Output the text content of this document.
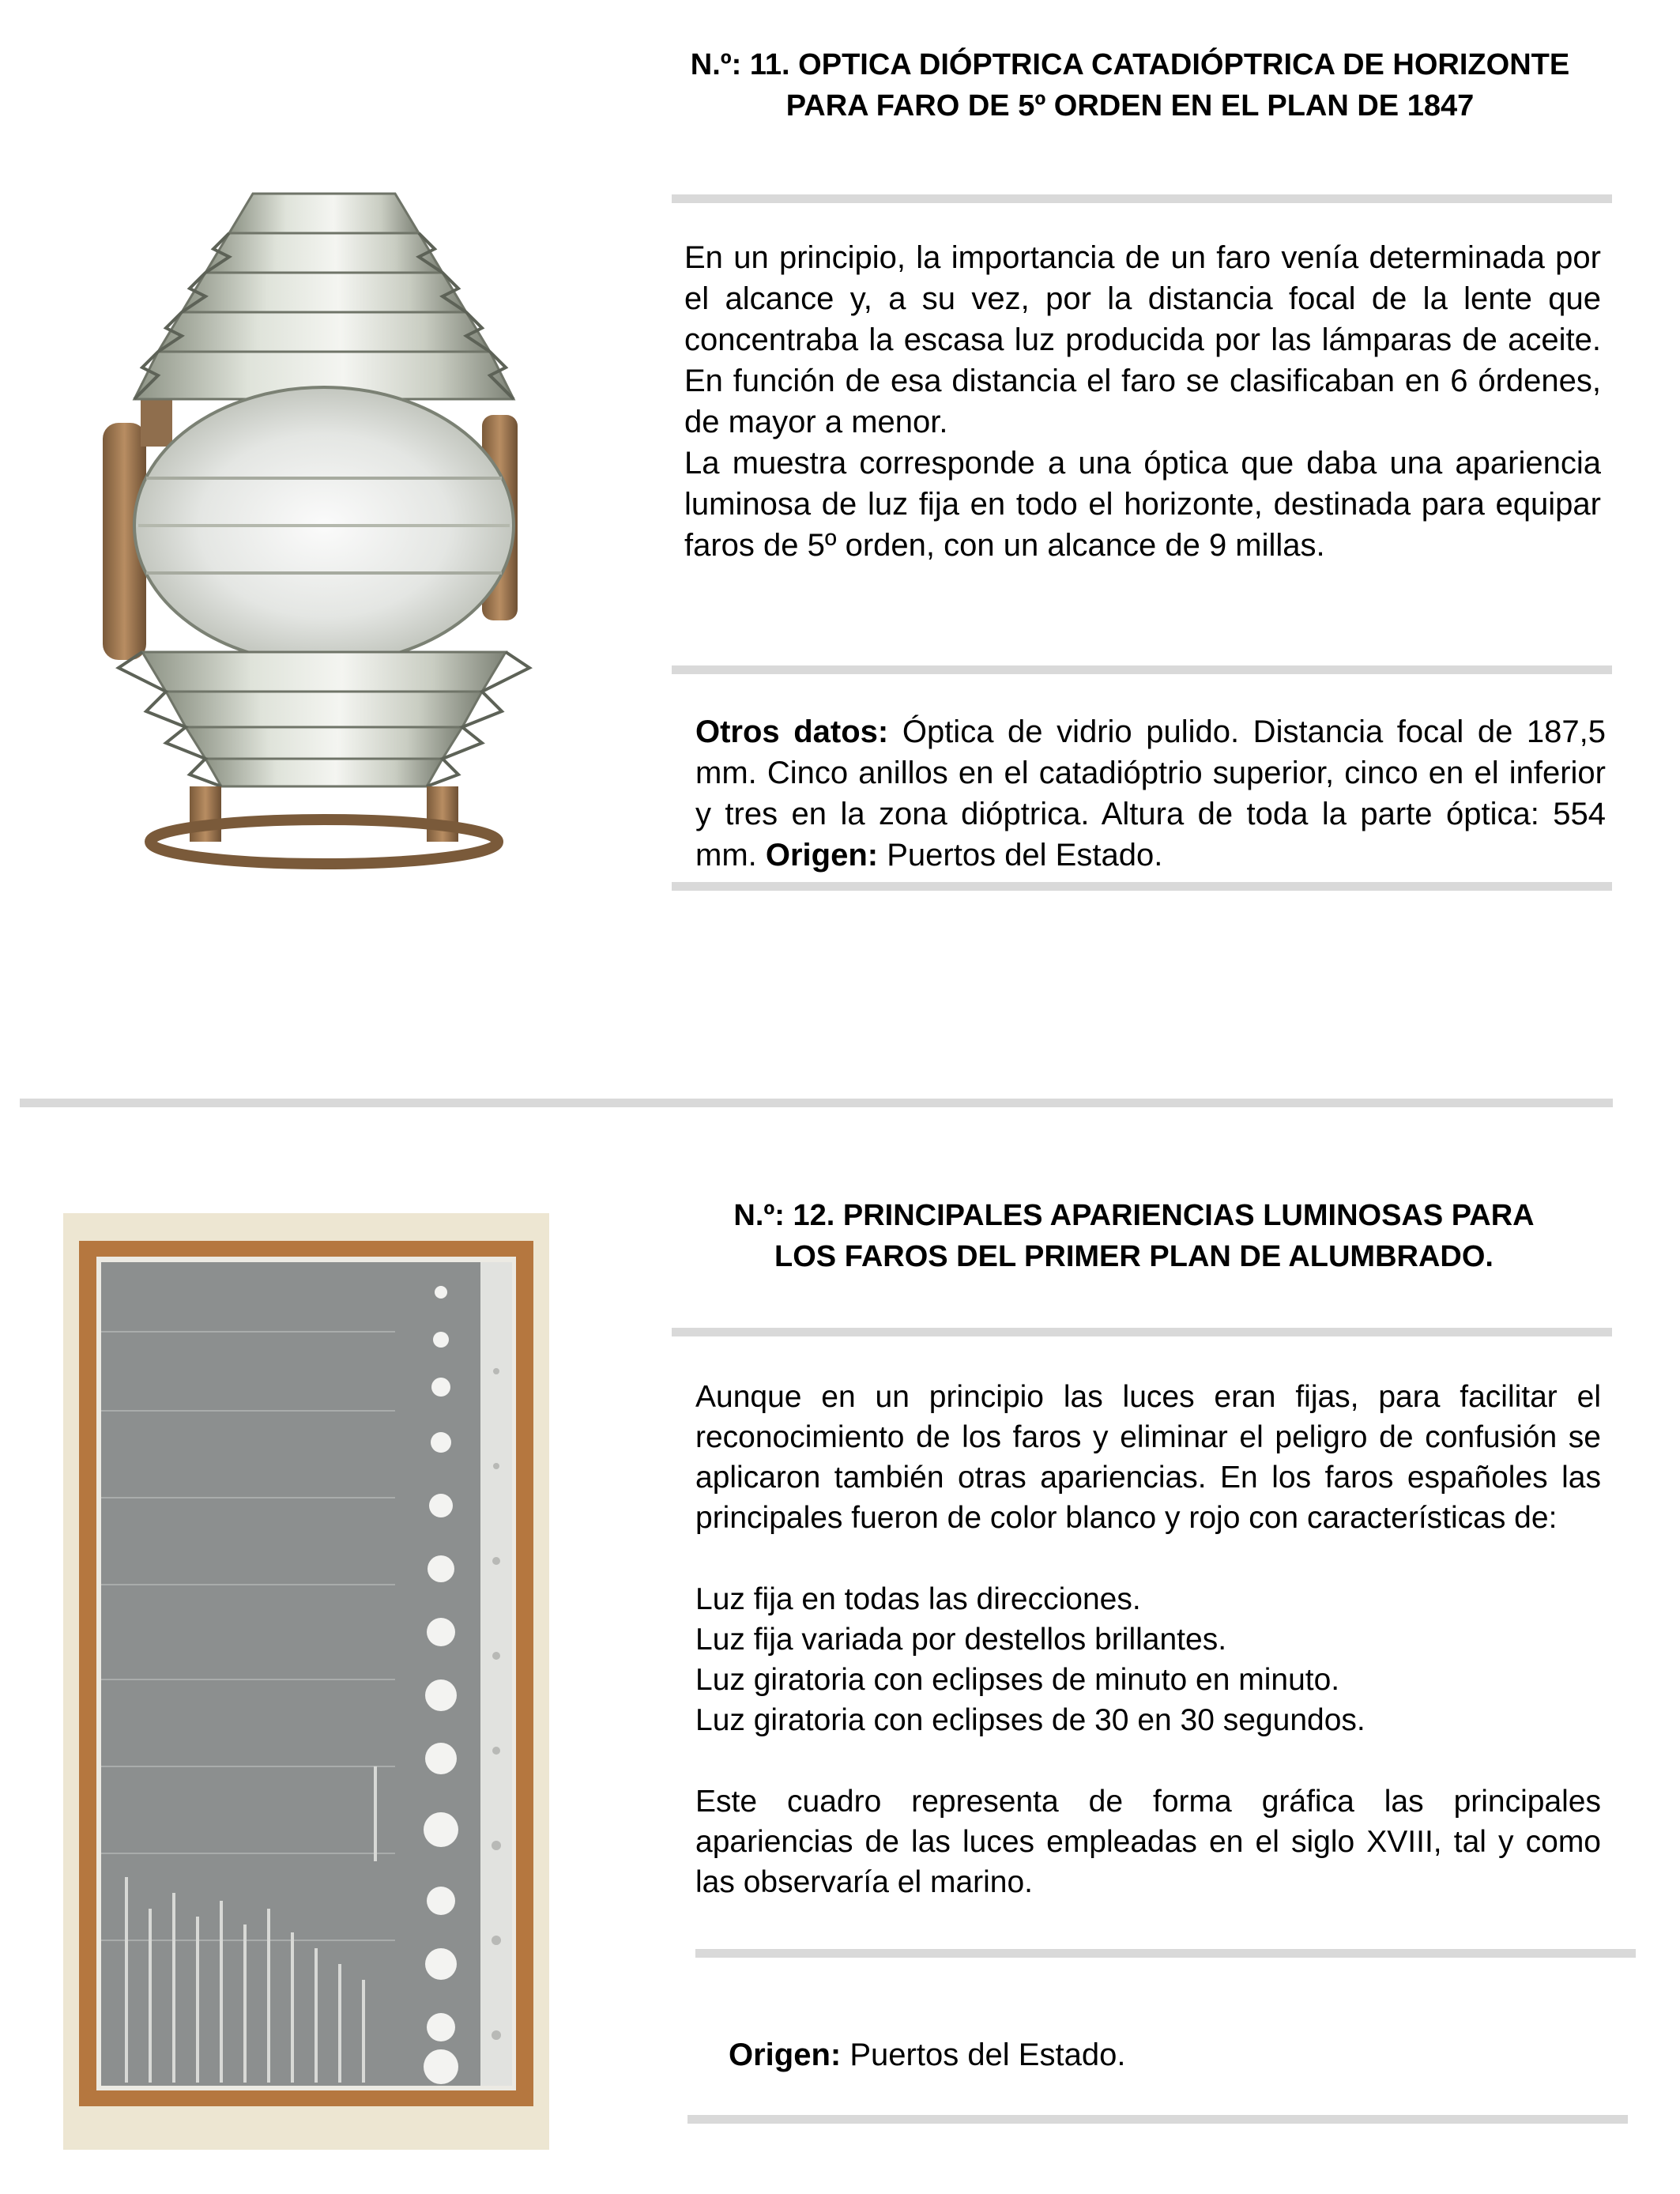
N.º: 11. OPTICA DIÓPTRICA CATADIÓPTRICA DE HORIZONTE PARA FARO DE 5º ORDEN EN EL PLAN DE 1847

En un principio, la importancia de un faro venía determinada por el alcance y, a su vez, por la distancia focal de la lente que concentraba la escasa luz producida por las lámparas de aceite. En función de esa distancia el faro se clasificaban en 6 órdenes, de mayor a menor.

La muestra corresponde a una óptica que daba una apariencia luminosa de luz fija en todo el horizonte, destinada para equipar faros de 5º orden, con un alcance de 9 millas.

Otros datos: Óptica de vidrio pulido. Distancia focal de 187,5 mm. Cinco anillos en el catadióptrio superior, cinco en el inferior y tres en la zona dióptrica. Altura de toda la parte óptica: 554 mm. Origen: Puertos del Estado.
N.º: 12. PRINCIPALES APARIENCIAS LUMINOSAS PARA LOS FAROS DEL PRIMER PLAN DE ALUMBRADO.

Aunque en un principio las luces eran fijas, para facilitar el reconocimiento de los faros y eliminar el peligro de confusión se aplicaron también otras apariencias. En los faros españoles las principales fueron de color blanco y rojo con características de:

Luz fija en todas las direcciones.

Luz fija variada por destellos brillantes.

Luz giratoria con eclipses de minuto en minuto.

Luz giratoria con eclipses de 30 en 30 segundos.

Este cuadro representa de forma gráfica las principales apariencias de las luces empleadas en el siglo XVIII, tal y como las observaría el marino.

Origen: Puertos del Estado.
